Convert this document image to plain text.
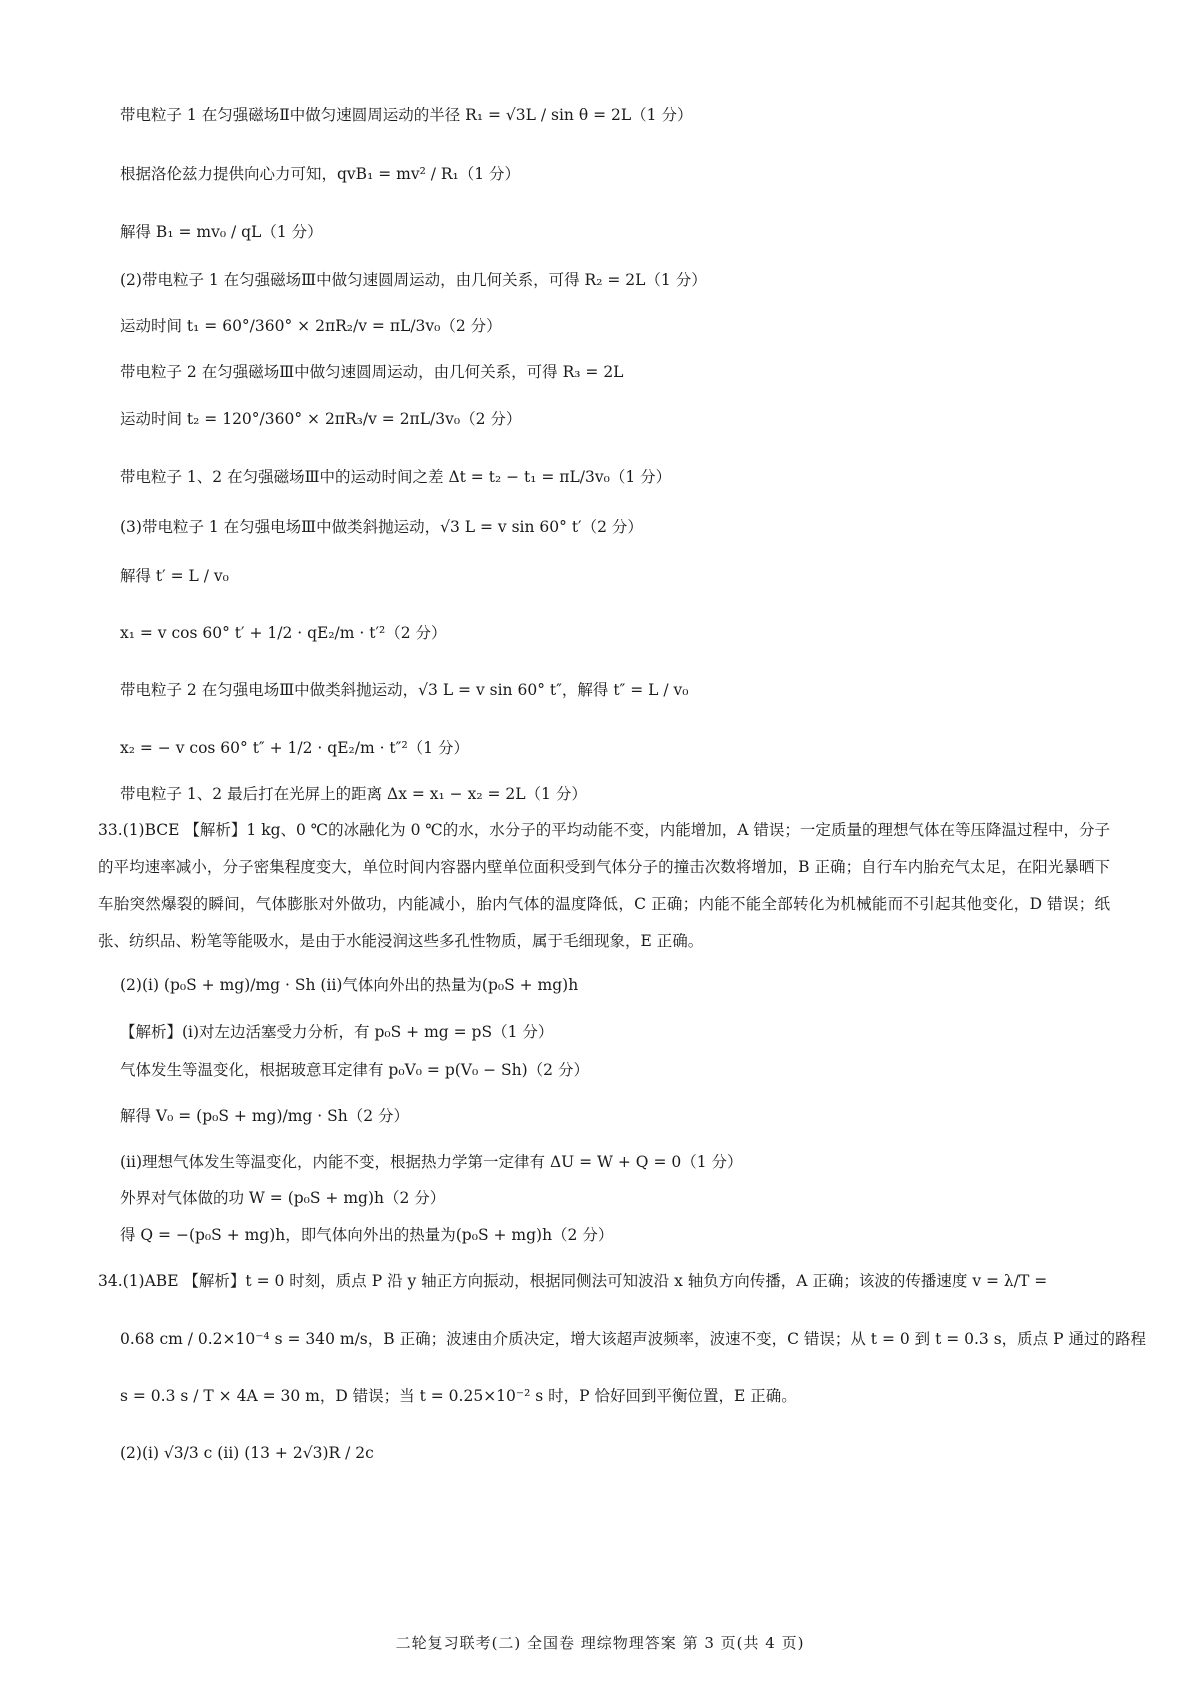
带电粒子 1 在匀强磁场Ⅱ中做匀速圆周运动的半径 R₁ = √3L / sin θ = 2L（1 分）
根据洛伦兹力提供向心力可知，qvB₁ = mv² / R₁（1 分）
解得 B₁ = mv₀ / qL（1 分）
(2)带电粒子 1 在匀强磁场Ⅲ中做匀速圆周运动，由几何关系，可得 R₂ = 2L（1 分）
运动时间 t₁ = 60°/360° × 2πR₂/v = πL/3v₀（2 分）
带电粒子 2 在匀强磁场Ⅲ中做匀速圆周运动，由几何关系，可得 R₃ = 2L
运动时间 t₂ = 120°/360° × 2πR₃/v = 2πL/3v₀（2 分）
带电粒子 1、2 在匀强磁场Ⅲ中的运动时间之差 Δt = t₂ − t₁ = πL/3v₀（1 分）
(3)带电粒子 1 在匀强电场Ⅲ中做类斜抛运动，√3 L = v sin 60° t′（2 分）
解得 t′ = L / v₀
x₁ = v cos 60° t′ + 1/2 · qE₂/m · t′²（2 分）
带电粒子 2 在匀强电场Ⅲ中做类斜抛运动，√3 L = v sin 60° t″，解得 t″ = L / v₀
x₂ = − v cos 60° t″ + 1/2 · qE₂/m · t″²（1 分）
带电粒子 1、2 最后打在光屏上的距离 Δx = x₁ − x₂ = 2L（1 分）
33.(1)BCE 【解析】1 kg、0 ℃的冰融化为 0 ℃的水，水分子的平均动能不变，内能增加，A 错误；一定质量的理想气体在等压降温过程中，分子的平均速率减小，分子密集程度变大，单位时间内容器内壁单位面积受到气体分子的撞击次数将增加，B 正确；自行车内胎充气太足，在阳光暴晒下车胎突然爆裂的瞬间，气体膨胀对外做功，内能减小，胎内气体的温度降低，C 正确；内能不能全部转化为机械能而不引起其他变化，D 错误；纸张、纺织品、粉笔等能吸水，是由于水能浸润这些多孔性物质，属于毛细现象，E 正确。
(2)(ⅰ) (p₀S + mg)/mg · Sh (ⅱ)气体向外出的热量为(p₀S + mg)h
【解析】(ⅰ)对左边活塞受力分析，有 p₀S + mg = pS（1 分）
气体发生等温变化，根据玻意耳定律有 p₀V₀ = p(V₀ − Sh)（2 分）
解得 V₀ = (p₀S + mg)/mg · Sh（2 分）
(ⅱ)理想气体发生等温变化，内能不变，根据热力学第一定律有 ΔU = W + Q = 0（1 分）
外界对气体做的功 W = (p₀S + mg)h（2 分）
得 Q = −(p₀S + mg)h，即气体向外出的热量为(p₀S + mg)h（2 分）
34.(1)ABE 【解析】t = 0 时刻，质点 P 沿 y 轴正方向振动，根据同侧法可知波沿 x 轴负方向传播，A 正确；该波的传播速度 v = λ/T =
0.68 cm / 0.2×10⁻⁴ s = 340 m/s，B 正确；波速由介质决定，增大该超声波频率，波速不变，C 错误；从 t = 0 到 t = 0.3 s，质点 P 通过的路程
s = 0.3 s / T × 4A = 30 m，D 错误；当 t = 0.25×10⁻² s 时，P 恰好回到平衡位置，E 正确。
(2)(ⅰ) √3/3 c (ⅱ) (13 + 2√3)R / 2c
二轮复习联考(二) 全国卷 理综物理答案 第 3 页(共 4 页)
